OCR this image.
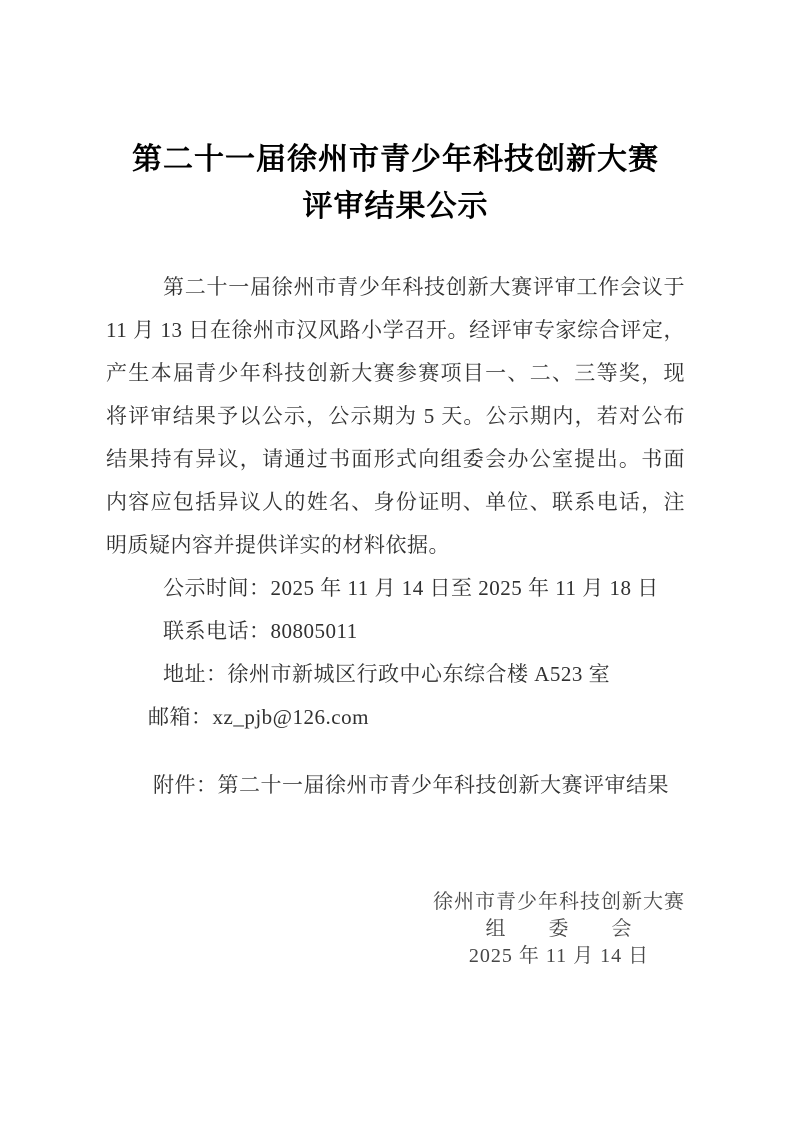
第二十一届徐州市青少年科技创新大赛
评审结果公示

第二十一届徐州市青少年科技创新大赛评审工作会议于 11 月 13 日在徐州市汉风路小学召开。经评审专家综合评定，产生本届青少年科技创新大赛参赛项目一、二、三等奖，现将评审结果予以公示，公示期为 5 天。公示期内，若对公布结果持有异议，请通过书面形式向组委会办公室提出。书面内容应包括异议人的姓名、身份证明、单位、联系电话，注明质疑内容并提供详实的材料依据。

公示时间：2025 年 11 月 14 日至 2025 年 11 月 18 日

联系电话：80805011

地址：徐州市新城区行政中心东综合楼 A523 室

邮箱：xz_pjb@126.com

附件：第二十一届徐州市青少年科技创新大赛评审结果

徐州市青少年科技创新大赛
组　　委　　会
2025 年 11 月 14 日
